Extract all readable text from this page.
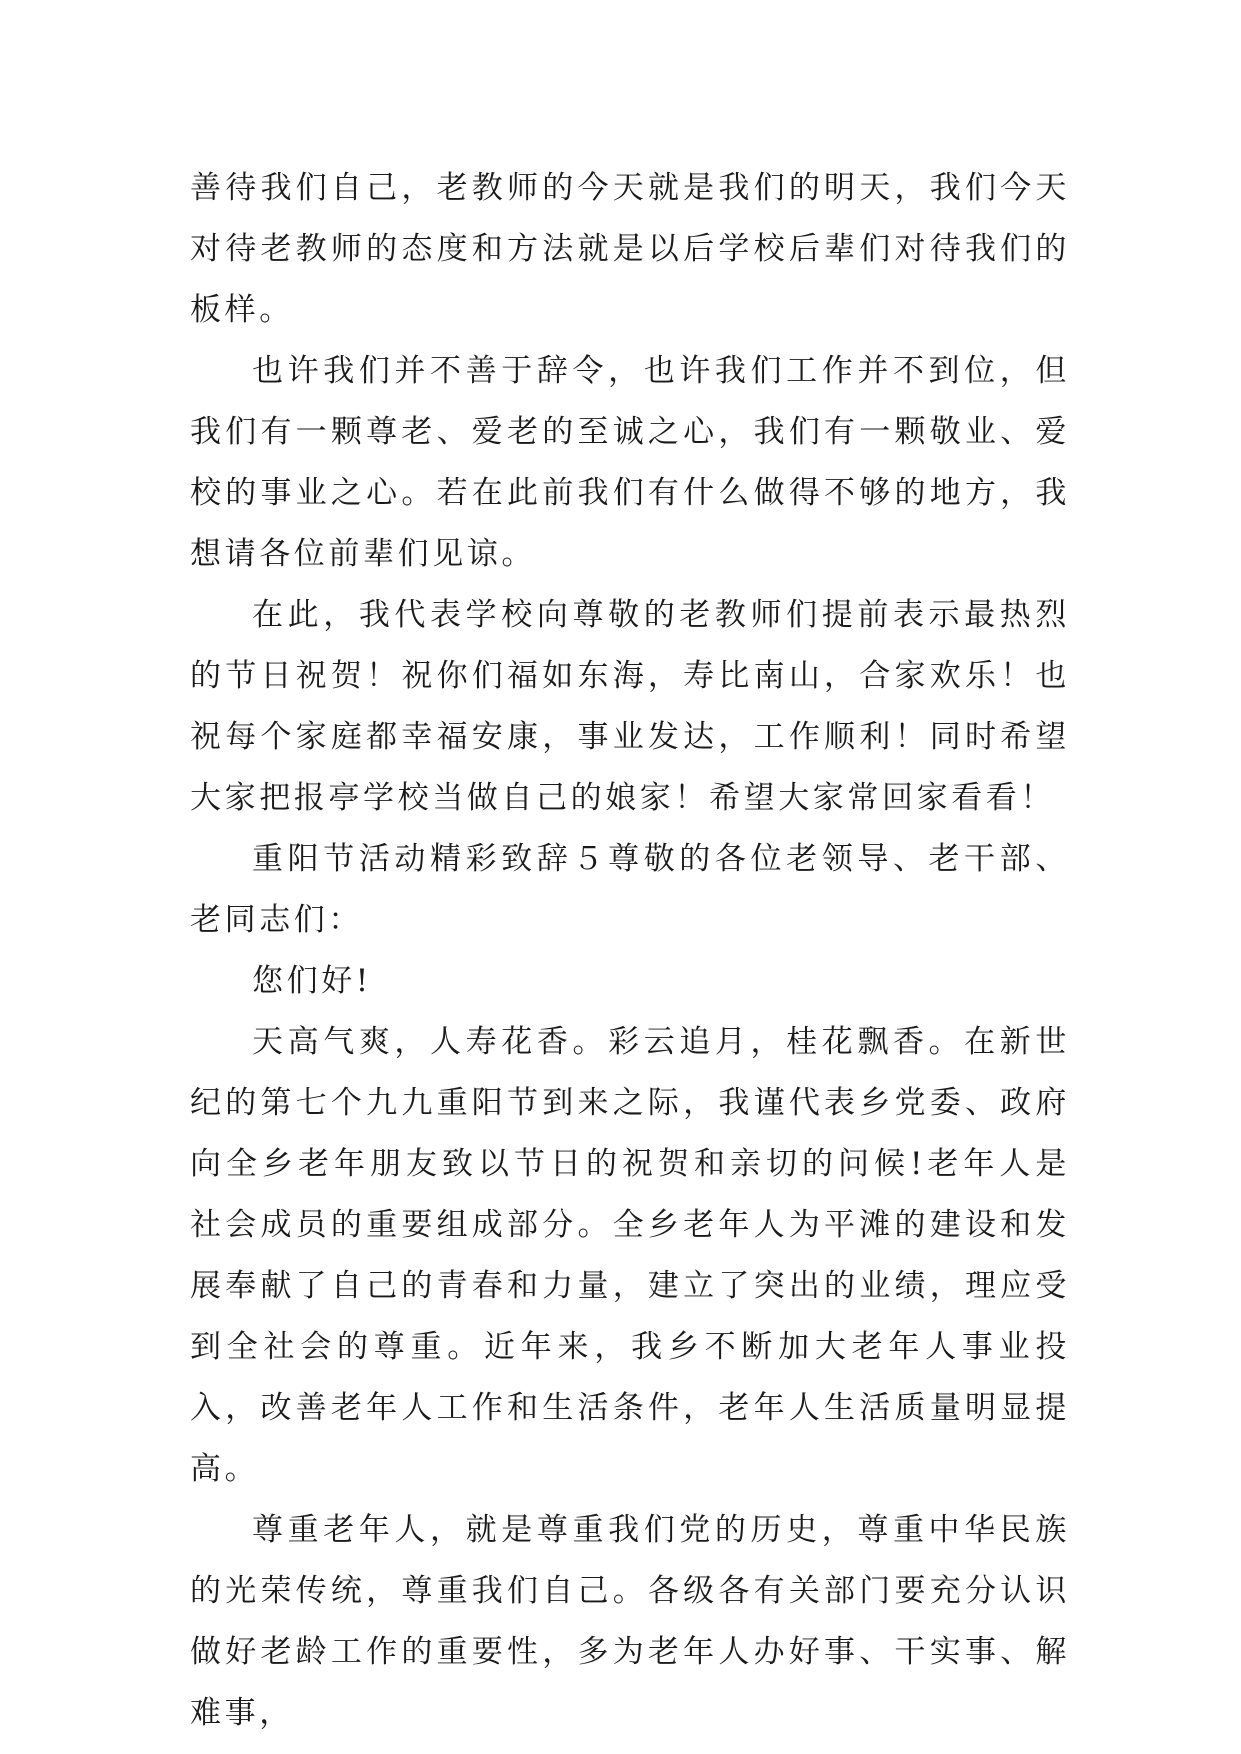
善待我们自己，老教师的今天就是我们的明天，我们今天对待老教师的态度和方法就是以后学校后辈们对待我们的板样。

也许我们并不善于辞令，也许我们工作并不到位，但我们有一颗尊老、爱老的至诚之心，我们有一颗敬业、爱校的事业之心。若在此前我们有什么做得不够的地方，我想请各位前辈们见谅。

在此，我代表学校向尊敬的老教师们提前表示最热烈的节日祝贺！祝你们福如东海，寿比南山，合家欢乐！也祝每个家庭都幸福安康，事业发达，工作顺利！同时希望大家把报亭学校当做自己的娘家！希望大家常回家看看！

重阳节活动精彩致辞５尊敬的各位老领导、老干部、老同志们：

您们好!

天高气爽，人寿花香。彩云追月，桂花飘香。在新世纪的第七个九九重阳节到来之际，我谨代表乡党委、政府向全乡老年朋友致以节日的祝贺和亲切的问候!老年人是社会成员的重要组成部分。全乡老年人为平滩的建设和发展奉献了自己的青春和力量，建立了突出的业绩，理应受到全社会的尊重。近年来，我乡不断加大老年人事业投入，改善老年人工作和生活条件，老年人生活质量明显提高。

尊重老年人，就是尊重我们党的历史，尊重中华民族的光荣传统，尊重我们自己。各级各有关部门要充分认识做好老龄工作的重要性，多为老年人办好事、干实事、解难事，
